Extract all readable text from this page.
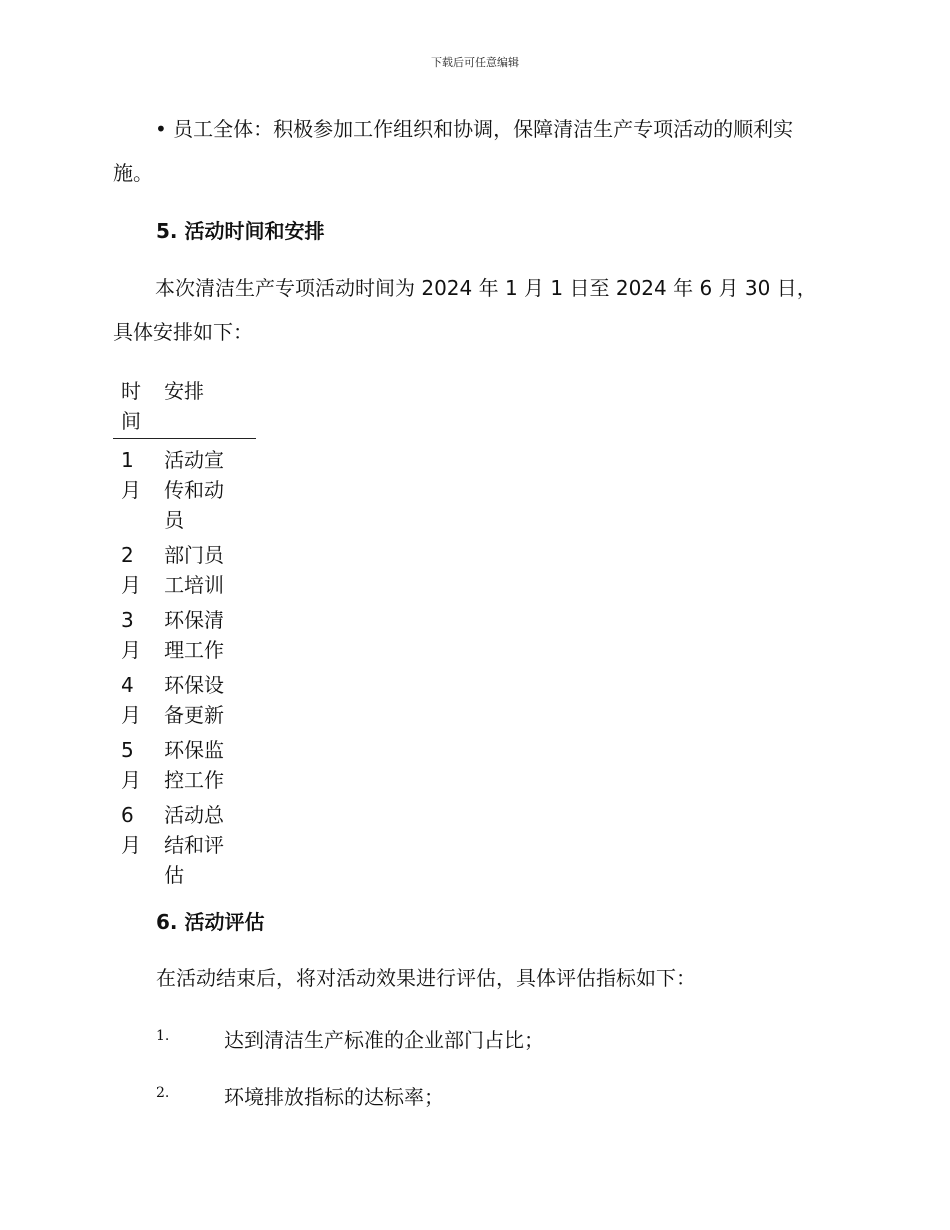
下载后可任意编辑
• 员工全体：积极参加工作组织和协调，保障清洁生产专项活动的顺利实施。
5. 活动时间和安排
本次清洁生产专项活动时间为 2024 年 1 月 1 日至 2024 年 6 月 30 日，具体安排如下：
时间	安排
1月	活动宣传和动员
2月	部门员工培训
3月	环保清理工作
4月	环保设备更新
5月	环保监控工作
6月	活动总结和评估
6. 活动评估
在活动结束后，将对活动效果进行评估，具体评估指标如下：
1.	达到清洁生产标准的企业部门占比；
2.	环境排放指标的达标率；
